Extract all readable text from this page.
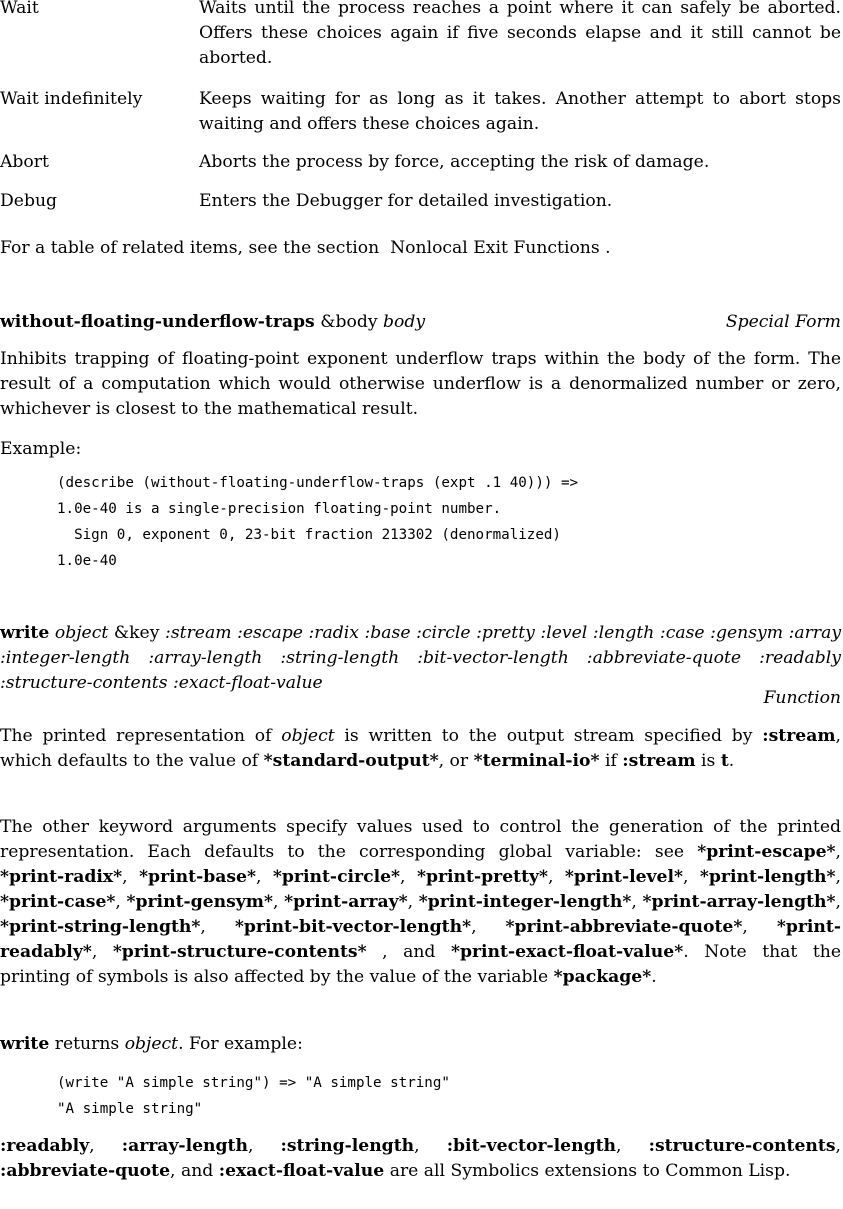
Wait	Waits until the process reaches a point where it can safely be aborted. Offers these choices again if five seconds elapse and it still cannot be aborted.
Wait indefinitely	Keeps waiting for as long as it takes. Another attempt to abort stops waiting and offers these choices again.
Abort	Aborts the process by force, accepting the risk of damage.
Debug	Enters the Debugger for detailed investigation.
For a table of related items, see the section Nonlocal Exit Functions .
without-floating-underflow-traps &body body	Special Form
Inhibits trapping of floating-point exponent underflow traps within the body of the form. The result of a computation which would otherwise underflow is a denormalized number or zero, whichever is closest to the mathematical result.
Example:
(describe (without-floating-underflow-traps (expt .1 40))) =>
1.0e-40 is a single-precision floating-point number.
Sign 0, exponent 0, 23-bit fraction 213302 (denormalized)
1.0e-40
write object &key :stream :escape :radix :base :circle :pretty :level :length :case :gensym :array :integer-length :array-length :string-length :bit-vector-length :abbreviate-quote :readably :structure-contents :exact-float-value
Function
The printed representation of object is written to the output stream specified by :stream, which defaults to the value of *standard-output*, or *terminal-io* if :stream is t.
The other keyword arguments specify values used to control the generation of the printed representation. Each defaults to the corresponding global variable: see *print-escape*, *print-radix*, *print-base*, *print-circle*, *print-pretty*, *print-level*, *print-length*, *print-case*, *print-gensym*, *print-array*, *print-integer-length*, *print-array-length*, *print-string-length*, *print-bit-vector-length*, *print-abbreviate-quote*, *print-readably*, *print-structure-contents* , and *print-exact-float-value*. Note that the printing of symbols is also affected by the value of the variable *package*.
write returns object. For example:
(write "A simple string") => "A simple string"
"A simple string"
:readably, :array-length, :string-length, :bit-vector-length, :structure-contents, :abbreviate-quote, and :exact-float-value are all Symbolics extensions to Common Lisp.
